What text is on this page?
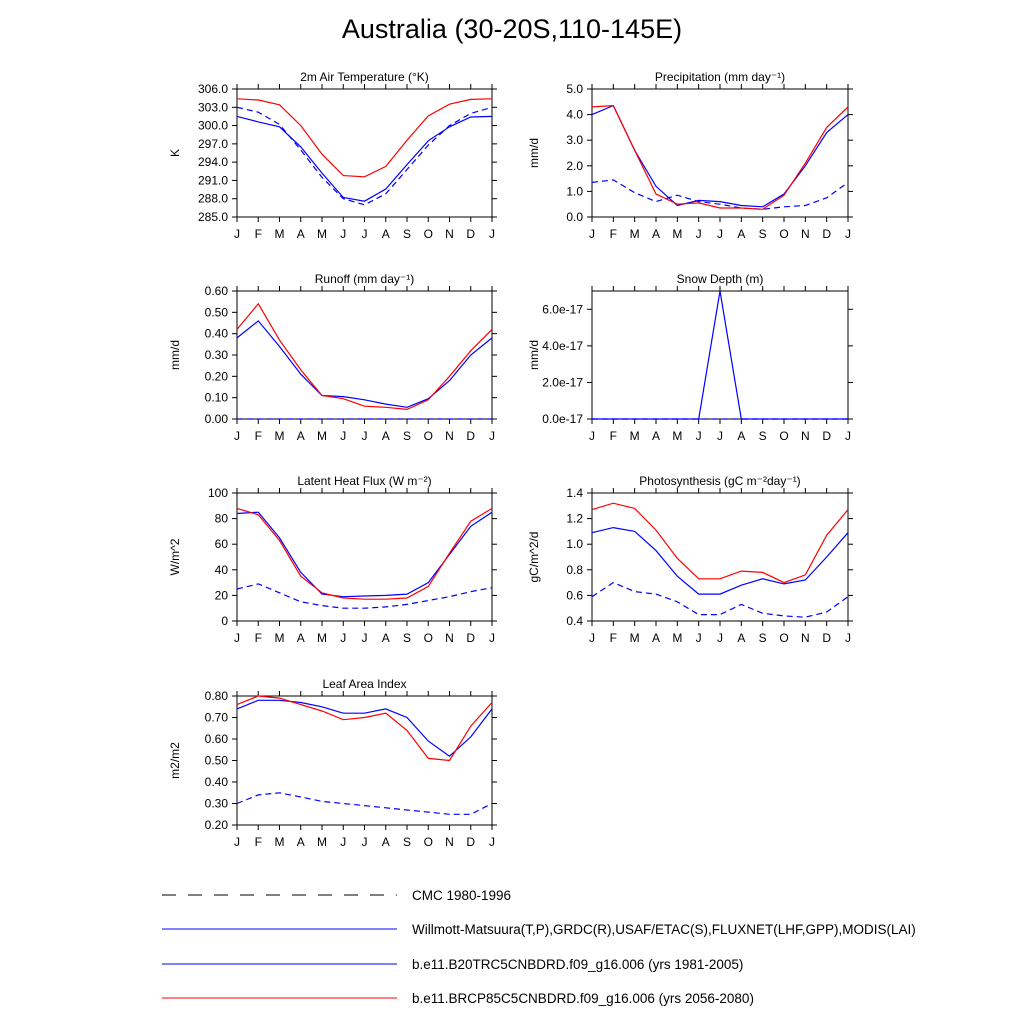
Australia (30-20S,110-145E)
2m Air Temperature (°K)
306.0
303.0
300.0
297.0
294.0
291.0
288.0
285.0
J F M A M J J A S O N D J
K
Precipitation (mm day⁻¹)
5.0
4.0
3.0
2.0
1.0
0.0
J F M A M J J A S O N D J
mm/d
Runoff (mm day⁻¹)
0.60
0.50
0.40
0.30
0.20
0.10
0.00
J F M A M J J A S O N D J
mm/d
Snow Depth (m)
6.0e-17
4.0e-17
2.0e-17
0.0e-17
J F M A M J J A S O N D J
mm/d
Latent Heat Flux (W m⁻²)
100
80
60
40
20
0
J F M A M J J A S O N D J
W/m^2
Photosynthesis (gC m⁻²day⁻¹)
1.4
1.2
1.0
0.8
0.6
0.4
J F M A M J J A S O N D J
gC/m^2/d
Leaf Area Index
0.80
0.70
0.60
0.50
0.40
0.30
0.20
J F M A M J J A S O N D J
m2/m2
CMC 1980-1996
Willmott-Matsuura(T,P),GRDC(R),USAF/ETAC(S),FLUXNET(LHF,GPP),MODIS(LAI)
b.e11.B20TRC5CNBDRD.f09_g16.006 (yrs 1981-2005)
b.e11.BRCP85C5CNBDRD.f09_g16.006 (yrs 2056-2080)
